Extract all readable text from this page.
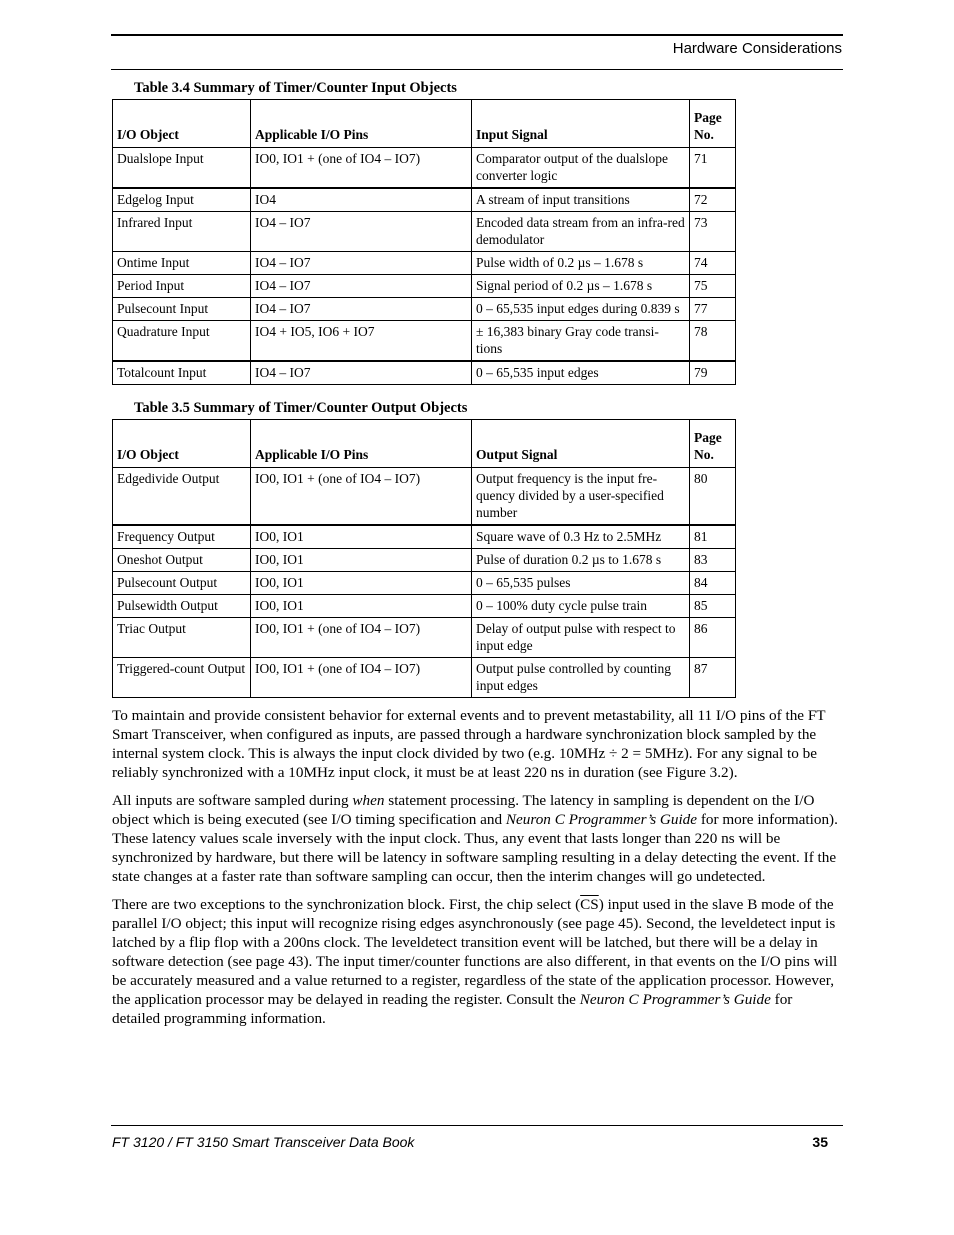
Hardware Considerations
Table 3.4 Summary of Timer/Counter Input Objects
I/O Object	Applicable I/O Pins	Input Signal	Page No.
Dualslope Input	IO0, IO1 + (one of IO4 – IO7)	Comparator output of the dualslope converter logic	71
Edgelog Input	IO4	A stream of input transitions	72
Infrared Input	IO4 – IO7	Encoded data stream from an infra-red demodulator	73
Ontime Input	IO4 – IO7	Pulse width of 0.2 µs – 1.678 s	74
Period Input	IO4 – IO7	Signal period of 0.2 µs – 1.678 s	75
Pulsecount Input	IO4 – IO7	0 – 65,535 input edges during 0.839 s	77
Quadrature Input	IO4 + IO5, IO6 + IO7	± 16,383 binary Gray code transi-tions	78
Totalcount Input	IO4 – IO7	0 – 65,535 input edges	79
Table 3.5 Summary of Timer/Counter Output Objects
I/O Object	Applicable I/O Pins	Output Signal	Page No.
Edgedivide Output	IO0, IO1 + (one of IO4 – IO7)	Output frequency is the input fre-quency divided by a user-specified number	80
Frequency Output	IO0, IO1	Square wave of 0.3 Hz to 2.5MHz	81
Oneshot Output	IO0, IO1	Pulse of duration 0.2 µs to 1.678 s	83
Pulsecount Output	IO0, IO1	0 – 65,535 pulses	84
Pulsewidth Output	IO0, IO1	0 – 100% duty cycle pulse train	85
Triac Output	IO0, IO1 + (one of IO4 – IO7)	Delay of output pulse with respect to input edge	86
Triggered-count Output	IO0, IO1 + (one of IO4 – IO7)	Output pulse controlled by counting input edges	87

To maintain and provide consistent behavior for external events and to prevent metastability, all 11 I/O pins of the FT Smart Transceiver, when configured as inputs, are passed through a hardware synchronization block sampled by the internal system clock. This is always the input clock divided by two (e.g. 10MHz ÷ 2 = 5MHz). For any signal to be reliably synchronized with a 10MHz input clock, it must be at least 220 ns in duration (see Figure 3.2).

All inputs are software sampled during when statement processing. The latency in sampling is dependent on the I/O object which is being executed (see I/O timing specification and Neuron C Programmer’s Guide for more information). These latency values scale inversely with the input clock. Thus, any event that lasts longer than 220 ns will be synchronized by hardware, but there will be latency in software sampling resulting in a delay detecting the event. If the state changes at a faster rate than software sampling can occur, then the interim changes will go undetected.

There are two exceptions to the synchronization block. First, the chip select $(\overline{CS})$ input used in the slave B mode of the parallel I/O object; this input will recognize rising edges asynchronously (see page 45). Second, the leveldetect input is latched by a flip flop with a 200ns clock. The leveldetect transition event will be latched, but there will be a delay in software detection (see page 43). The input timer/counter functions are also different, in that events on the I/O pins will be accurately measured and a value returned to a register, regardless of the state of the application processor. However, the application processor may be delayed in reading the register. Consult the Neuron C Programmer’s Guide for detailed programming information.

FT 3120 / FT 3150 Smart Transceiver Data Book	35
